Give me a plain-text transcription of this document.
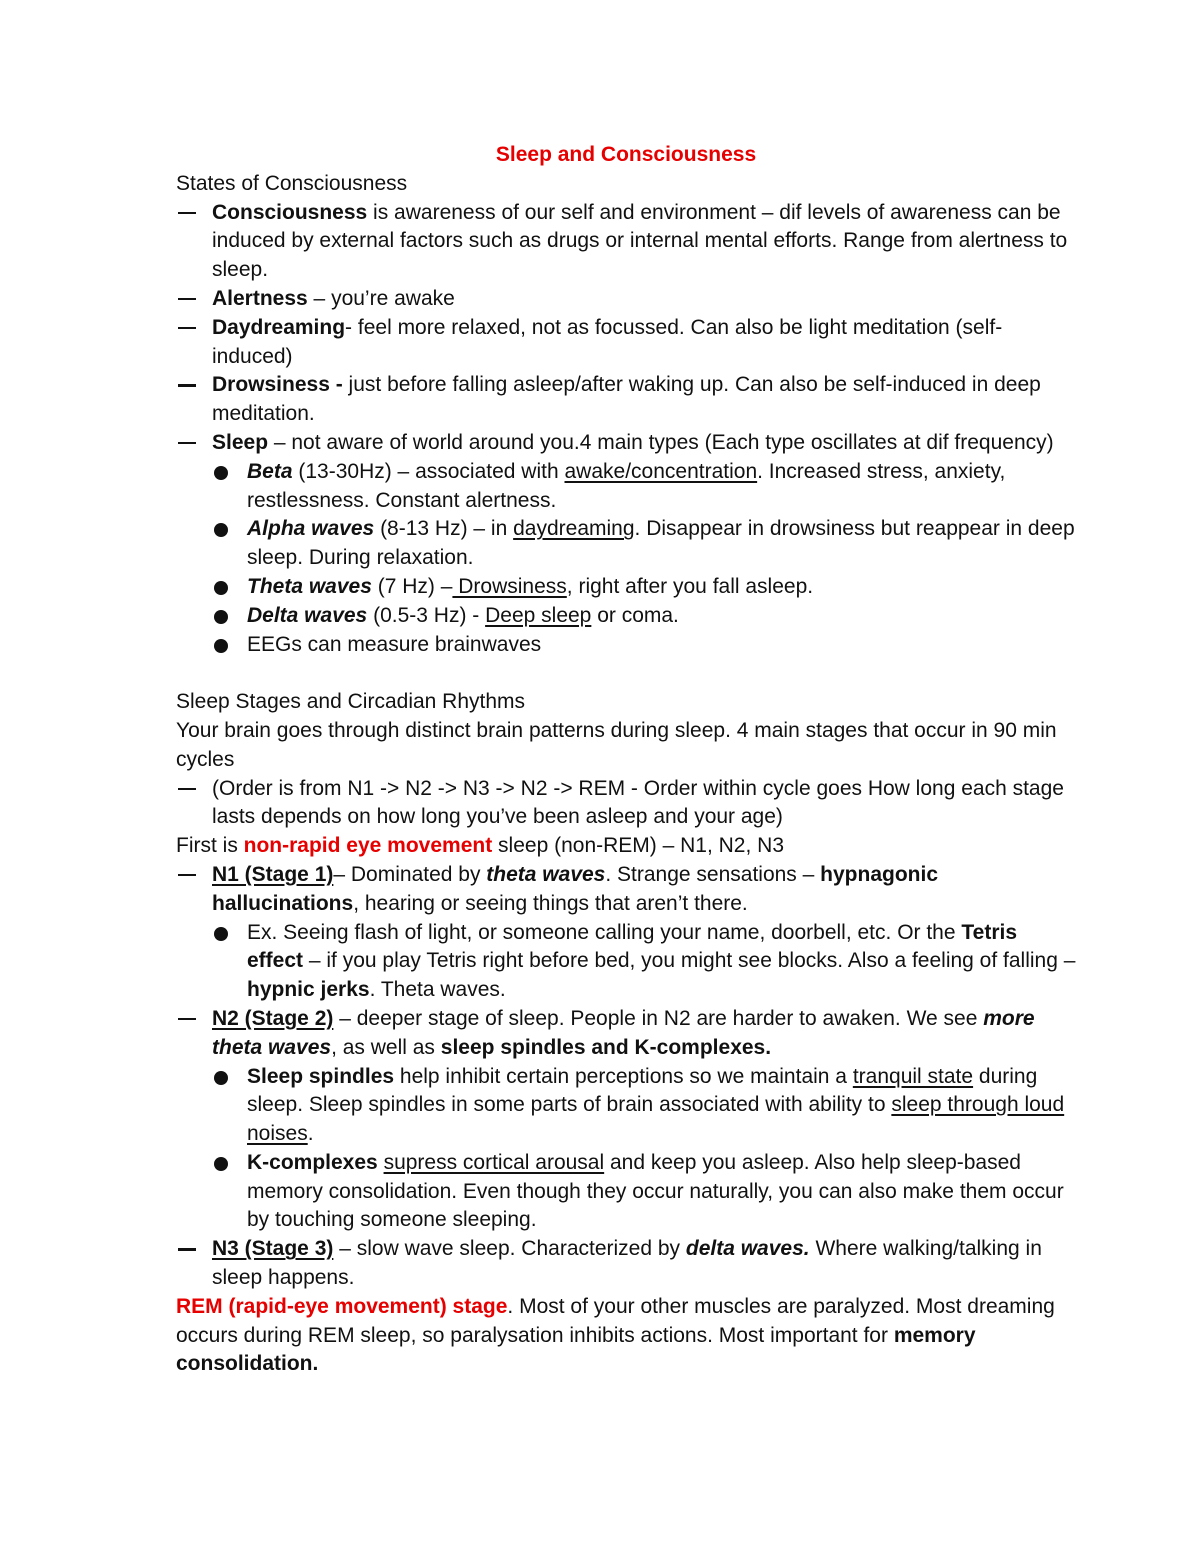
Sleep and Consciousness
States of Consciousness
Consciousness is awareness of our self and environment – dif levels of awareness can be induced by external factors such as drugs or internal mental efforts. Range from alertness to sleep.
Alertness – you’re awake
Daydreaming- feel more relaxed, not as focussed. Can also be light meditation (self-induced)
Drowsiness - just before falling asleep/after waking up. Can also be self-induced in deep meditation.
Sleep – not aware of world around you.4 main types (Each type oscillates at dif frequency)
Beta (13-30Hz) – associated with awake/concentration. Increased stress, anxiety, restlessness. Constant alertness.
Alpha waves (8-13 Hz) – in daydreaming. Disappear in drowsiness but reappear in deep sleep. During relaxation.
Theta waves (7 Hz) – Drowsiness, right after you fall asleep.
Delta waves (0.5-3 Hz) - Deep sleep or coma.
EEGs can measure brainwaves
Sleep Stages and Circadian Rhythms
Your brain goes through distinct brain patterns during sleep. 4 main stages that occur in 90 min cycles
(Order is from N1 -> N2 -> N3 -> N2 -> REM - Order within cycle goes How long each stage lasts depends on how long you’ve been asleep and your age)
First is non-rapid eye movement sleep (non-REM) – N1, N2, N3
N1 (Stage 1)– Dominated by theta waves. Strange sensations – hypnagonic hallucinations, hearing or seeing things that aren’t there.
Ex. Seeing flash of light, or someone calling your name, doorbell, etc. Or the Tetris effect – if you play Tetris right before bed, you might see blocks. Also a feeling of falling – hypnic jerks. Theta waves.
N2 (Stage 2) – deeper stage of sleep. People in N2 are harder to awaken. We see more theta waves, as well as sleep spindles and K-complexes.
Sleep spindles help inhibit certain perceptions so we maintain a tranquil state during sleep. Sleep spindles in some parts of brain associated with ability to sleep through loud noises.
K-complexes supress cortical arousal and keep you asleep. Also help sleep-based memory consolidation. Even though they occur naturally, you can also make them occur by touching someone sleeping.
N3 (Stage 3) – slow wave sleep. Characterized by delta waves. Where walking/talking in sleep happens.
REM (rapid-eye movement) stage. Most of your other muscles are paralyzed. Most dreaming occurs during REM sleep, so paralysation inhibits actions. Most important for memory consolidation.
